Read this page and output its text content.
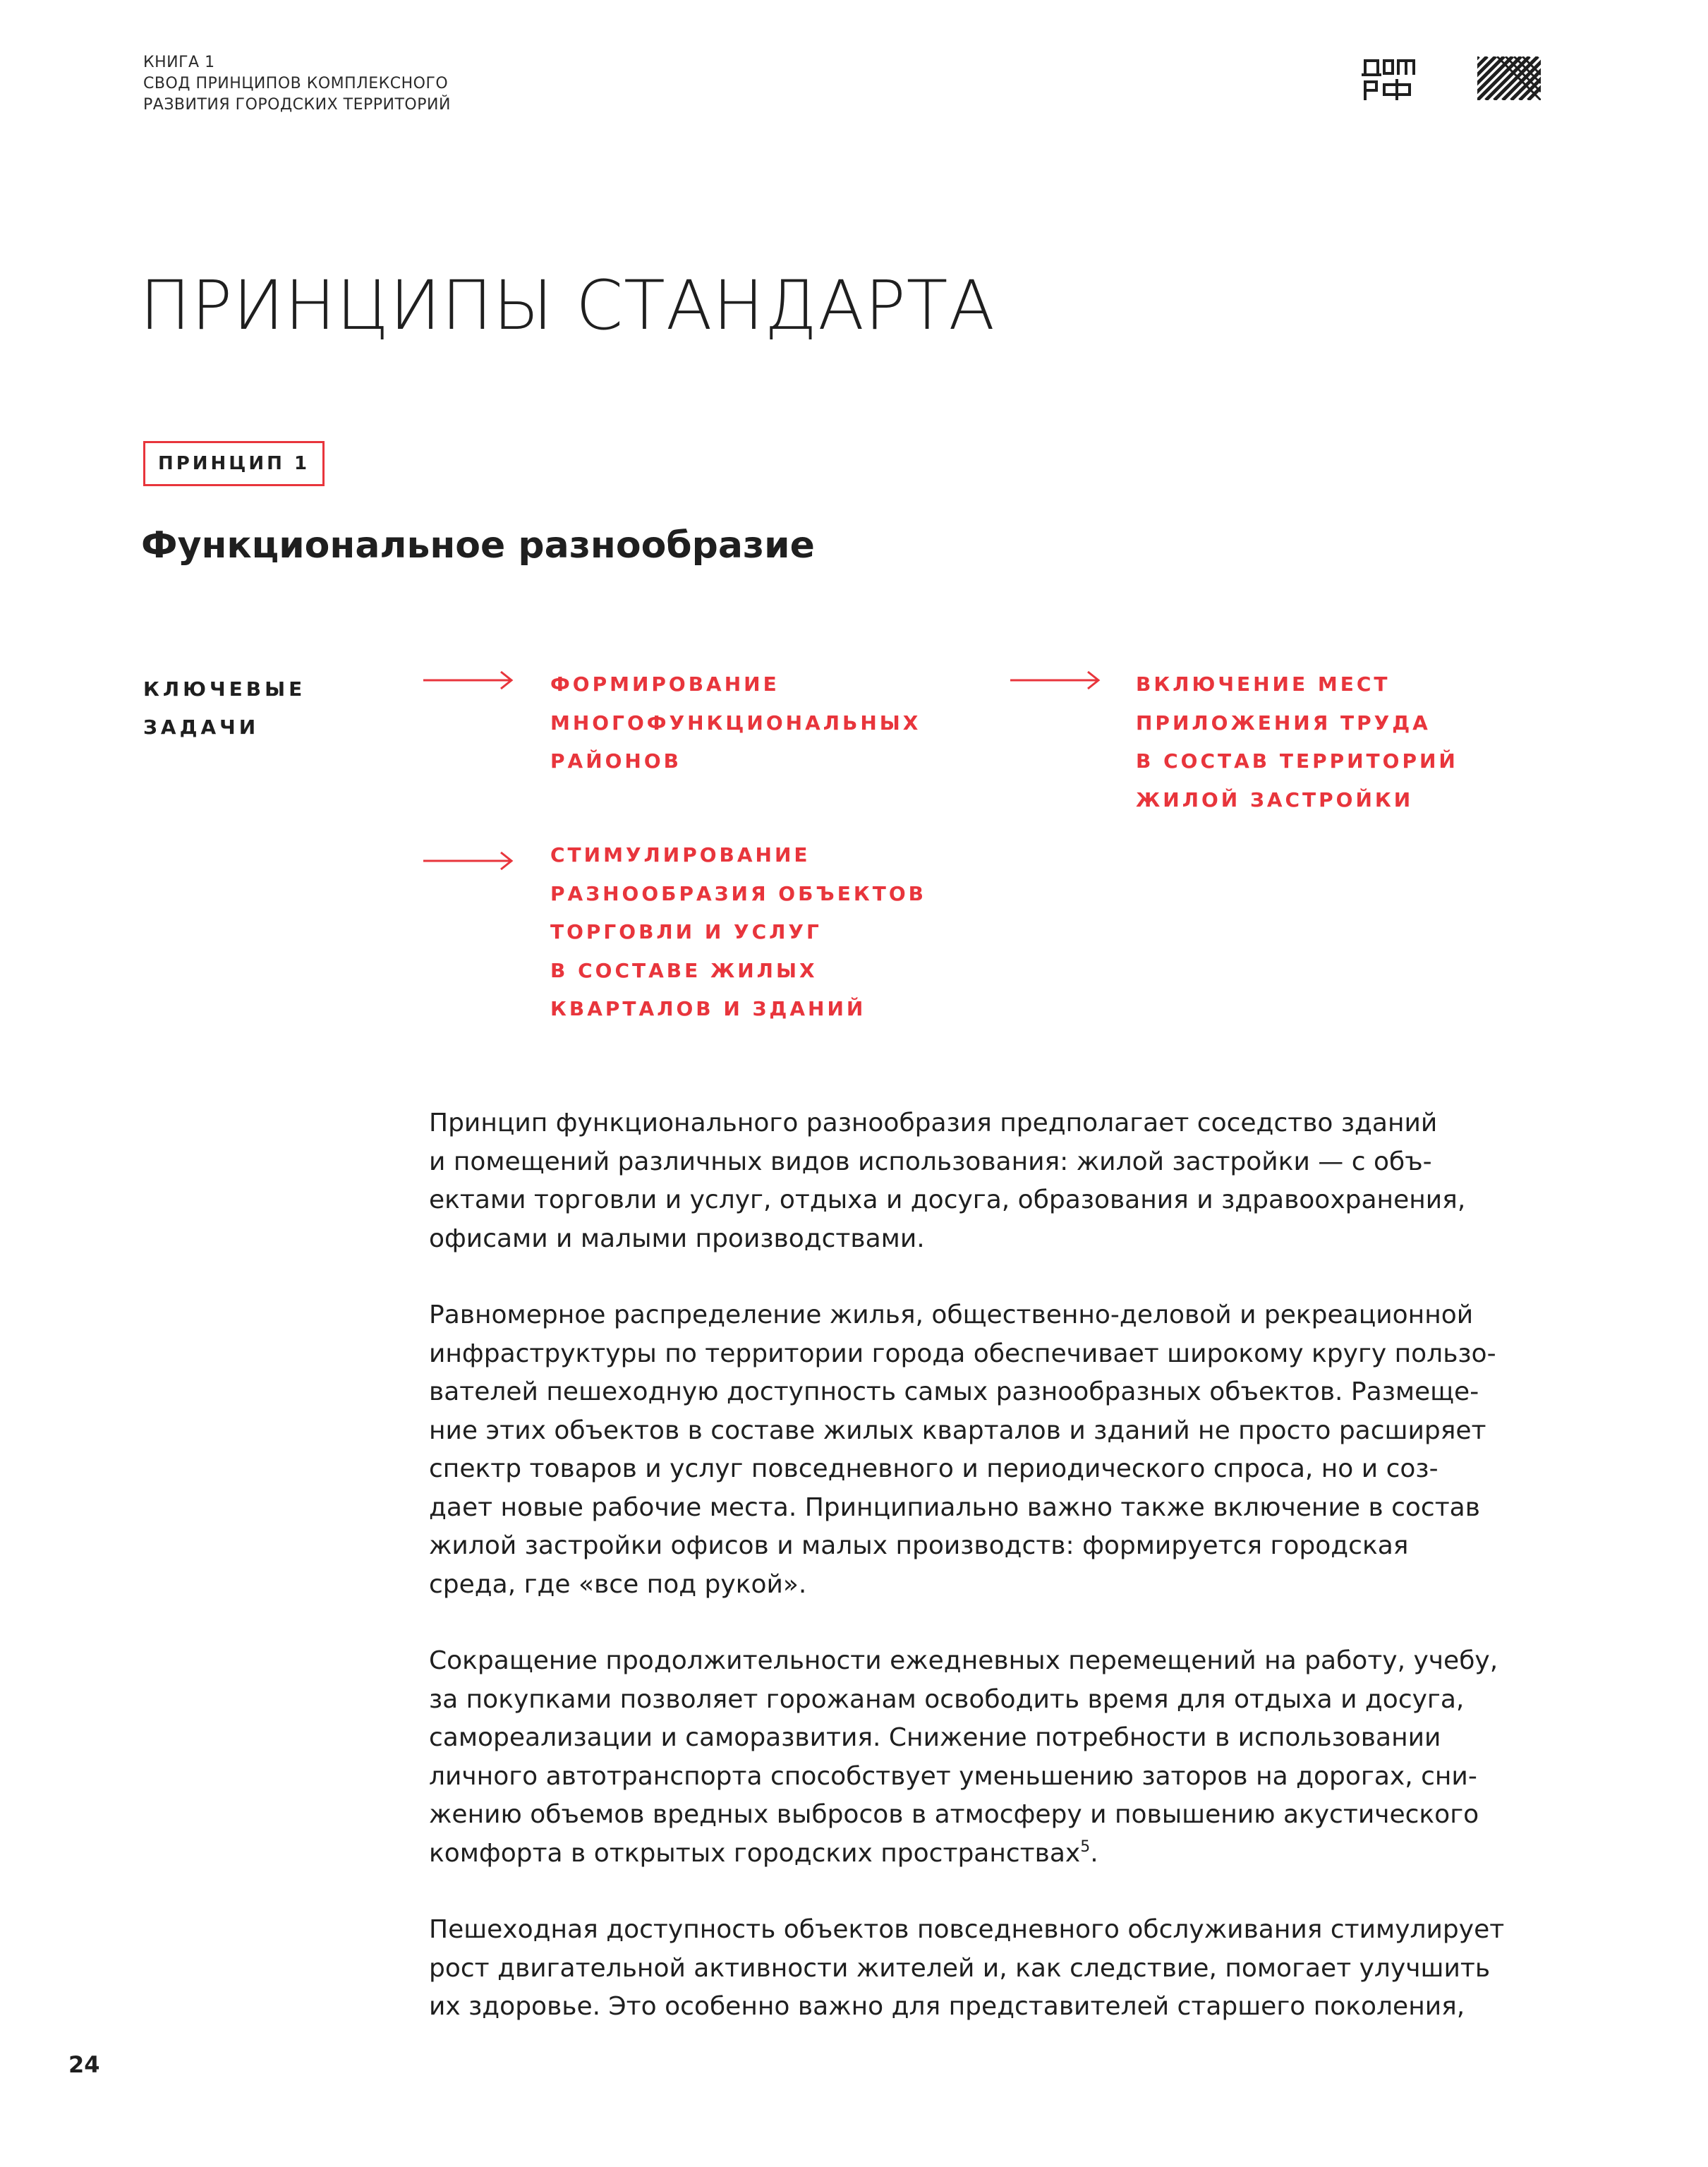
КНИГА 1
СВОД ПРИНЦИПОВ КОМПЛЕКСНОГО
РАЗВИТИЯ ГОРОДСКИХ ТЕРРИТОРИЙ
ПРИНЦИПЫ СТАНДАРТА
ПРИНЦИП 1
Функциональное разнообразие
КЛЮЧЕВЫЕ
ЗАДАЧИ
ФОРМИРОВАНИЕ
МНОГОФУНКЦИОНАЛЬНЫХ
РАЙОНОВ
ВКЛЮЧЕНИЕ МЕСТ
ПРИЛОЖЕНИЯ ТРУДА
В СОСТАВ ТЕРРИТОРИЙ
ЖИЛОЙ ЗАСТРОЙКИ
СТИМУЛИРОВАНИЕ
РАЗНООБРАЗИЯ ОБЪЕКТОВ
ТОРГОВЛИ И УСЛУГ
В СОСТАВЕ ЖИЛЫХ
КВАРТАЛОВ И ЗДАНИЙ
Принцип функционального разнообразия предполагает соседство зданий
и помещений различных видов использования: жилой застройки — с объ-
ектами торговли и услуг, отдыха и досуга, образования и здравоохранения,
офисами и малыми производствами.
Равномерное распределение жилья, общественно-деловой и рекреационной
инфраструктуры по территории города обеспечивает широкому кругу пользо-
вателей пешеходную доступность самых разнообразных объектов. Размеще-
ние этих объектов в составе жилых кварталов и зданий не просто расширяет
спектр товаров и услуг повседневного и периодического спроса, но и соз-
дает новые рабочие места. Принципиально важно также включение в состав
жилой застройки офисов и малых производств: формируется городская
среда, где «все под рукой».
Сокращение продолжительности ежедневных перемещений на работу, учебу,
за покупками позволяет горожанам освободить время для отдыха и досуга,
самореализации и саморазвития. Снижение потребности в использовании
личного автотранспорта способствует уменьшению заторов на дорогах, сни-
жению объемов вредных выбросов в атмосферу и повышению акустического
комфорта в открытых городских пространствах$^5$.
Пешеходная доступность объектов повседневного обслуживания стимулирует
рост двигательной активности жителей и, как следствие, помогает улучшить
их здоровье. Это особенно важно для представителей старшего поколения,
24
